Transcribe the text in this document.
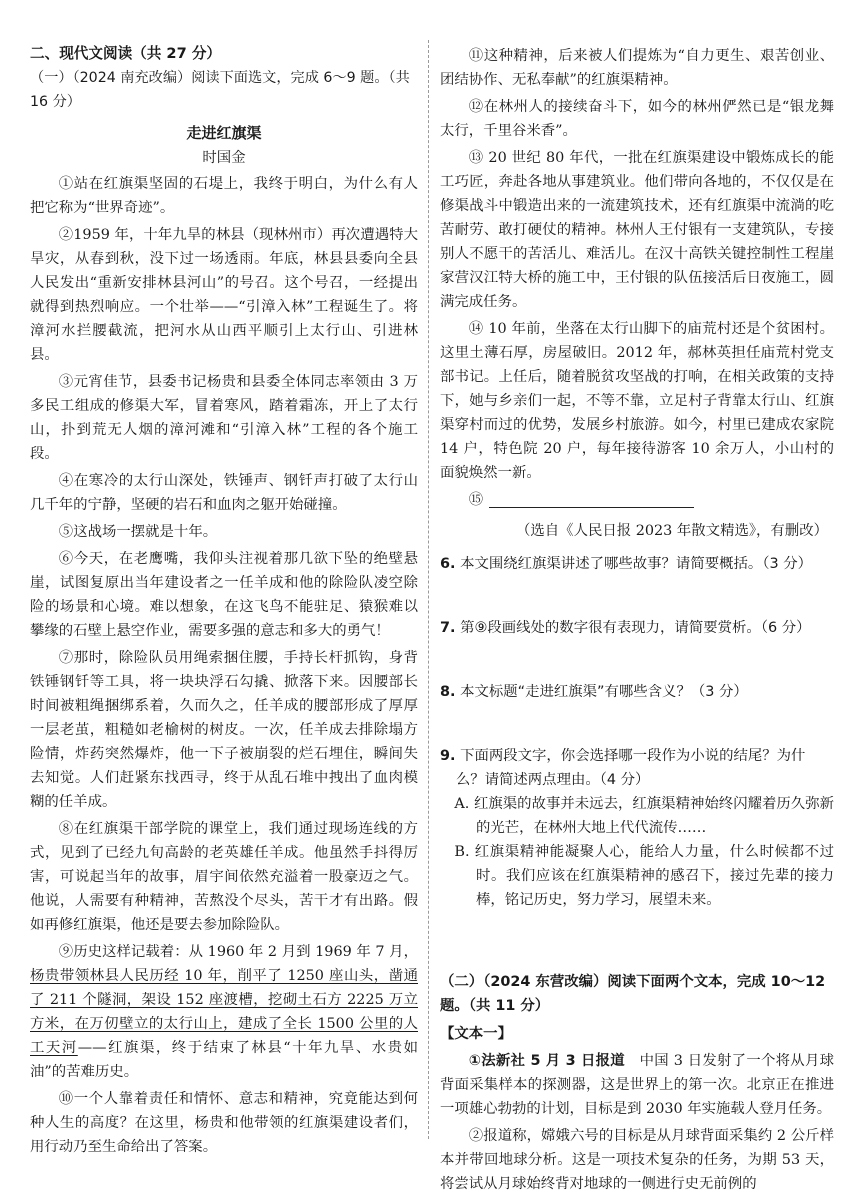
二、现代文阅读（共 27 分）
（一）（2024 南充改编）阅读下面选文，完成 6～9 题。（共 16 分）
走进红旗渠
时国金

①站在红旗渠坚固的石堤上，我终于明白，为什么有人把它称为“世界奇迹”。

②1959 年，十年九旱的林县（现林州市）再次遭遇特大旱灾，从春到秋，没下过一场透雨。年底，林县县委向全县人民发出“重新安排林县河山”的号召。这个号召，一经提出就得到热烈响应。一个壮举——“引漳入林”工程诞生了。将漳河水拦腰截流，把河水从山西平顺引上太行山、引进林县。

③元宵佳节，县委书记杨贵和县委全体同志率领由 3 万多民工组成的修渠大军，冒着寒风，踏着霜冻，开上了太行山，扑到荒无人烟的漳河滩和“引漳入林”工程的各个施工段。

④在寒冷的太行山深处，铁锤声、钢钎声打破了太行山几千年的宁静，坚硬的岩石和血肉之躯开始碰撞。

⑤这战场一摆就是十年。

⑥今天，在老鹰嘴，我仰头注视着那几欲下坠的绝壁悬崖，试图复原出当年建设者之一任羊成和他的除险队凌空除险的场景和心境。难以想象，在这飞鸟不能驻足、猿猴难以攀缘的石壁上悬空作业，需要多强的意志和多大的勇气！

⑦那时，除险队员用绳索捆住腰，手持长杆抓钩，身背铁锤钢钎等工具，将一块块浮石勾撬、掀落下来。因腰部长时间被粗绳捆绑系着，久而久之，任羊成的腰部形成了厚厚一层老茧，粗糙如老榆树的树皮。一次，任羊成去排除塌方险情，炸药突然爆炸，他一下子被崩裂的烂石埋住，瞬间失去知觉。人们赶紧东找西寻，终于从乱石堆中拽出了血肉模糊的任羊成。

⑧在红旗渠干部学院的课堂上，我们通过现场连线的方式，见到了已经九旬高龄的老英雄任羊成。他虽然手抖得厉害，可说起当年的故事，眉宇间依然充溢着一股豪迈之气。他说，人需要有种精神，苦熬没个尽头，苦干才有出路。假如再修红旗渠，他还是要去参加除险队。

⑨历史这样记载着：从 1960 年 2 月到 1969 年 7 月，杨贵带领林县人民历经 10 年，削平了 1250 座山头，凿通了 211 个隧洞，架设 152 座渡槽，挖砌土石方 2225 万立方米，在万仞壁立的太行山上，建成了全长 1500 公里的人工天河——红旗渠，终于结束了林县“十年九旱、水贵如油”的苦难历史。

⑩一个人靠着责任和情怀、意志和精神，究竟能达到何种人生的高度？在这里，杨贵和他带领的红旗渠建设者们，用行动乃至生命给出了答案。

⑪这种精神，后来被人们提炼为“自力更生、艰苦创业、团结协作、无私奉献”的红旗渠精神。

⑫在林州人的接续奋斗下，如今的林州俨然已是“银龙舞太行，千里谷米香”。

⑬ 20 世纪 80 年代，一批在红旗渠建设中锻炼成长的能工巧匠，奔赴各地从事建筑业。他们带向各地的，不仅仅是在修渠战斗中锻造出来的一流建筑技术，还有红旗渠中流淌的吃苦耐劳、敢打硬仗的精神。林州人王付银有一支建筑队，专接别人不愿干的苦活儿、难活儿。在汉十高铁关键控制性工程崖家营汉江特大桥的施工中，王付银的队伍接活后日夜施工，圆满完成任务。

⑭ 10 年前，坐落在太行山脚下的庙荒村还是个贫困村。这里土薄石厚，房屋破旧。2012 年，郝林英担任庙荒村党支部书记。上任后，随着脱贫攻坚战的打响，在相关政策的支持下，她与乡亲们一起，不等不靠，立足村子背靠太行山、红旗渠穿村而过的优势，发展乡村旅游。如今，村里已建成农家院 14 户，特色院 20 户，每年接待游客 10 余万人，小山村的面貌焕然一新。

⑮

（选自《人民日报 2023 年散文精选》，有删改）
6. 本文围绕红旗渠讲述了哪些故事？请简要概括。（3 分）
7. 第⑨段画线处的数字很有表现力，请简要赏析。（6 分）
8. 本文标题“走进红旗渠”有哪些含义？（3 分）
9. 下面两段文字，你会选择哪一段作为小说的结尾？为什么？请简述两点理由。（4 分）
A. 红旗渠的故事并未远去，红旗渠精神始终闪耀着历久弥新的光芒，在林州大地上代代流传……
B. 红旗渠精神能凝聚人心，能给人力量，什么时候都不过时。我们应该在红旗渠精神的感召下，接过先辈的接力棒，铭记历史，努力学习，展望未来。
（二）（2024 东营改编）阅读下面两个文本，完成 10～12 题。（共 11 分）
【文本一】

①法新社 5 月 3 日报道　中国 3 日发射了一个将从月球背面采集样本的探测器，这是世界上的第一次。北京正在推进一项雄心勃勃的计划，目标是到 2030 年实施载人登月任务。

②报道称，嫦娥六号的目标是从月球背面采集约 2 公斤样本并带回地球分析。这是一项技术复杂的任务，为期 53 天，将尝试从月球始终背对地球的一侧进行史无前例的
